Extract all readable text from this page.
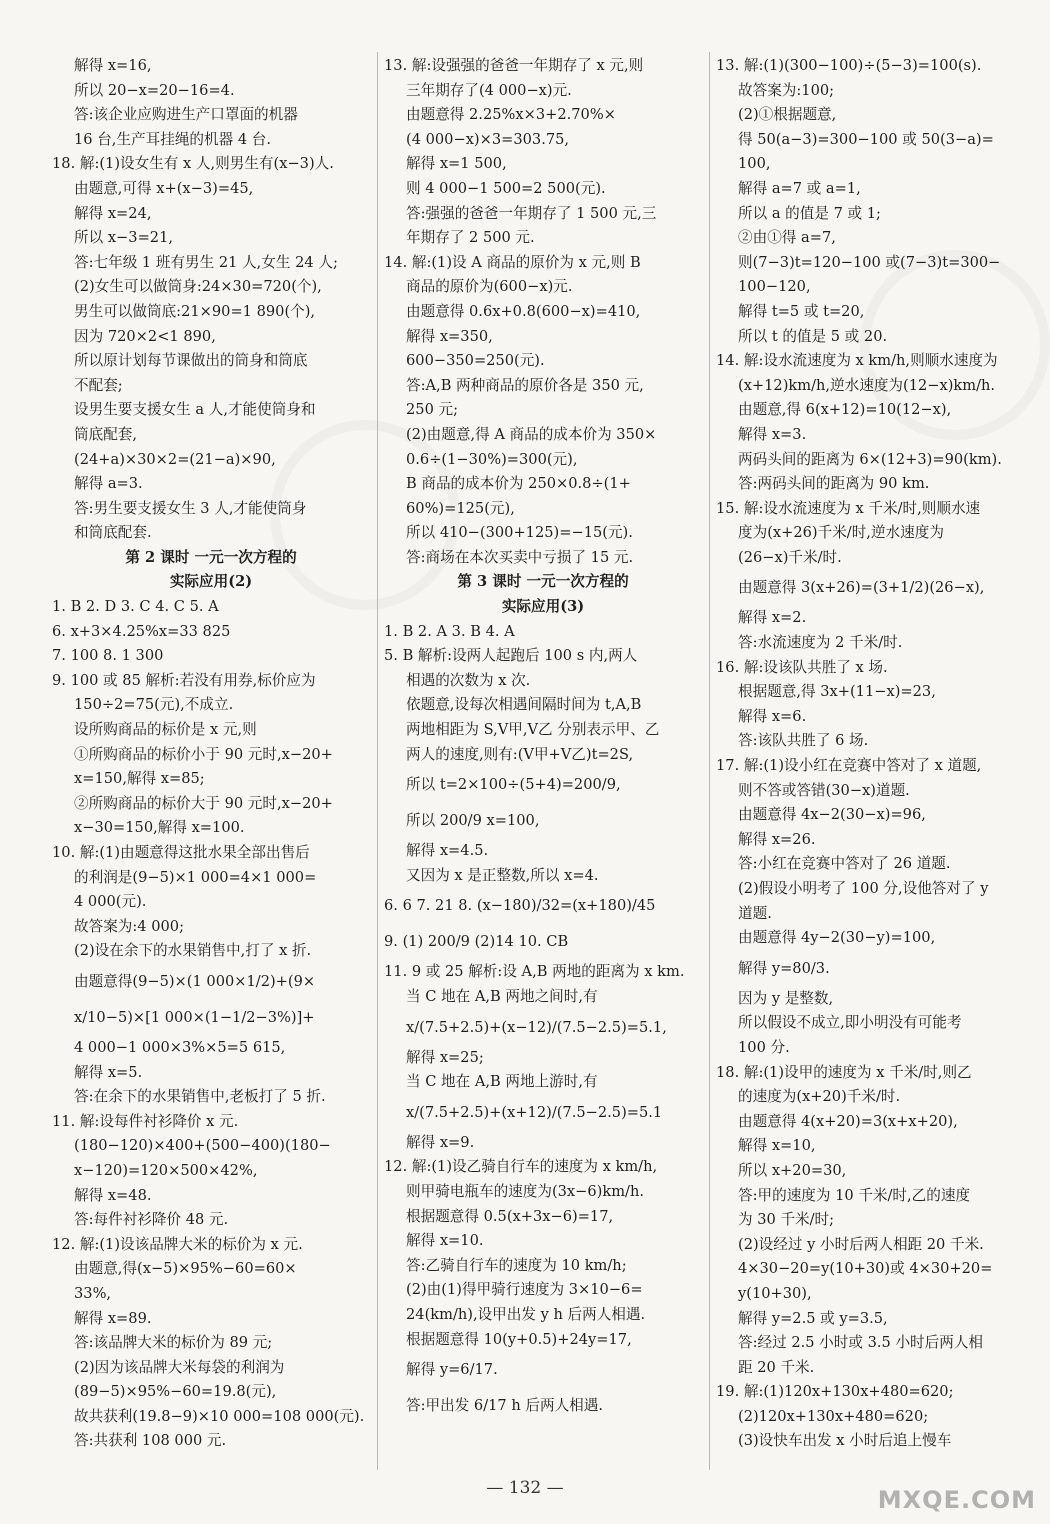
解得 x=16,
所以 20−x=20−16=4.
答:该企业应购进生产口罩面的机器
16 台,生产耳挂绳的机器 4 台.
18. 解:(1)设女生有 x 人,则男生有(x−3)人.
由题意,可得 x+(x−3)=45,
解得 x=24,
所以 x−3=21,
答:七年级 1 班有男生 21 人,女生 24 人;
(2)女生可以做筒身:24×30=720(个),
男生可以做筒底:21×90=1 890(个),
因为 720×2<1 890,
所以原计划每节课做出的筒身和筒底
不配套;
设男生要支援女生 a 人,才能使筒身和
筒底配套,
(24+a)×30×2=(21−a)×90,
解得 a=3.
答:男生要支援女生 3 人,才能使筒身
和筒底配套.
第 2 课时 一元一次方程的
实际应用(2)
1. B 2. D 3. C 4. C 5. A
6. x+3×4.25%x=33 825
7. 100 8. 1 300
9. 100 或 85 解析:若没有用券,标价应为
150÷2=75(元),不成立.
设所购商品的标价是 x 元,则
①所购商品的标价小于 90 元时,x−20+
x=150,解得 x=85;
②所购商品的标价大于 90 元时,x−20+
x−30=150,解得 x=100.
10. 解:(1)由题意得这批水果全部出售后
的利润是(9−5)×1 000=4×1 000=
4 000(元).
故答案为:4 000;
(2)设在余下的水果销售中,打了 x 折.
由题意得(9−5)×(1 000×1/2)+(9×
x/10−5)×[1 000×(1−1/2−3%)]+
4 000−1 000×3%×5=5 615,
解得 x=5.
答:在余下的水果销售中,老板打了 5 折.
11. 解:设每件衬衫降价 x 元.
(180−120)×400+(500−400)(180−
x−120)=120×500×42%,
解得 x=48.
答:每件衬衫降价 48 元.
12. 解:(1)设该品牌大米的标价为 x 元.
由题意,得(x−5)×95%−60=60×
33%,
解得 x=89.
答:该品牌大米的标价为 89 元;
(2)因为该品牌大米每袋的利润为
(89−5)×95%−60=19.8(元),
故共获利(19.8−9)×10 000=108 000(元).
答:共获利 108 000 元.
13. 解:设强强的爸爸一年期存了 x 元,则
三年期存了(4 000−x)元.
由题意得 2.25%x×3+2.70%×
(4 000−x)×3=303.75,
解得 x=1 500,
则 4 000−1 500=2 500(元).
答:强强的爸爸一年期存了 1 500 元,三
年期存了 2 500 元.
14. 解:(1)设 A 商品的原价为 x 元,则 B
商品的原价为(600−x)元.
由题意得 0.6x+0.8(600−x)=410,
解得 x=350,
600−350=250(元).
答:A,B 两种商品的原价各是 350 元,
250 元;
(2)由题意,得 A 商品的成本价为 350×
0.6÷(1−30%)=300(元),
B 商品的成本价为 250×0.8÷(1+
60%)=125(元),
所以 410−(300+125)=−15(元).
答:商场在本次买卖中亏损了 15 元.
第 3 课时 一元一次方程的
实际应用(3)
1. B 2. A 3. B 4. A
5. B 解析:设两人起跑后 100 s 内,两人
相遇的次数为 x 次.
依题意,设每次相遇间隔时间为 t,A,B
两地相距为 S,V甲,V乙 分别表示甲、乙
两人的速度,则有:(V甲+V乙)t=2S,
所以 t=2×100÷(5+4)=200/9,
所以 200/9 x=100,
解得 x=4.5.
又因为 x 是正整数,所以 x=4.
6. 6 7. 21 8. (x−180)/32=(x+180)/45
9. (1) 200/9 (2)14 10. CB
11. 9 或 25 解析:设 A,B 两地的距离为 x km.
当 C 地在 A,B 两地之间时,有
x/(7.5+2.5)+(x−12)/(7.5−2.5)=5.1,
解得 x=25;
当 C 地在 A,B 两地上游时,有
x/(7.5+2.5)+(x+12)/(7.5−2.5)=5.1
解得 x=9.
12. 解:(1)设乙骑自行车的速度为 x km/h,
则甲骑电瓶车的速度为(3x−6)km/h.
根据题意得 0.5(x+3x−6)=17,
解得 x=10.
答:乙骑自行车的速度为 10 km/h;
(2)由(1)得甲骑行速度为 3×10−6=
24(km/h),设甲出发 y h 后两人相遇.
根据题意得 10(y+0.5)+24y=17,
解得 y=6/17.
答:甲出发 6/17 h 后两人相遇.
13. 解:(1)(300−100)÷(5−3)=100(s).
故答案为:100;
(2)①根据题意,
得 50(a−3)=300−100 或 50(3−a)=
100,
解得 a=7 或 a=1,
所以 a 的值是 7 或 1;
②由①得 a=7,
则(7−3)t=120−100 或(7−3)t=300−
100−120,
解得 t=5 或 t=20,
所以 t 的值是 5 或 20.
14. 解:设水流速度为 x km/h,则顺水速度为
(x+12)km/h,逆水速度为(12−x)km/h.
由题意,得 6(x+12)=10(12−x),
解得 x=3.
两码头间的距离为 6×(12+3)=90(km).
答:两码头间的距离为 90 km.
15. 解:设水流速度为 x 千米/时,则顺水速
度为(x+26)千米/时,逆水速度为
(26−x)千米/时.
由题意得 3(x+26)=(3+1/2)(26−x),
解得 x=2.
答:水流速度为 2 千米/时.
16. 解:设该队共胜了 x 场.
根据题意,得 3x+(11−x)=23,
解得 x=6.
答:该队共胜了 6 场.
17. 解:(1)设小红在竞赛中答对了 x 道题,
则不答或答错(30−x)道题.
由题意得 4x−2(30−x)=96,
解得 x=26.
答:小红在竞赛中答对了 26 道题.
(2)假设小明考了 100 分,设他答对了 y
道题.
由题意得 4y−2(30−y)=100,
解得 y=80/3.
因为 y 是整数,
所以假设不成立,即小明没有可能考
100 分.
18. 解:(1)设甲的速度为 x 千米/时,则乙
的速度为(x+20)千米/时.
由题意得 4(x+20)=3(x+x+20),
解得 x=10,
所以 x+20=30,
答:甲的速度为 10 千米/时,乙的速度
为 30 千米/时;
(2)设经过 y 小时后两人相距 20 千米.
4×30−20=y(10+30)或 4×30+20=
y(10+30),
解得 y=2.5 或 y=3.5,
答:经过 2.5 小时或 3.5 小时后两人相
距 20 千米.
19. 解:(1)120x+130x+480=620;
(2)120x+130x+480=620;
(3)设快车出发 x 小时后追上慢车
— 132 —	MXQE.COM
